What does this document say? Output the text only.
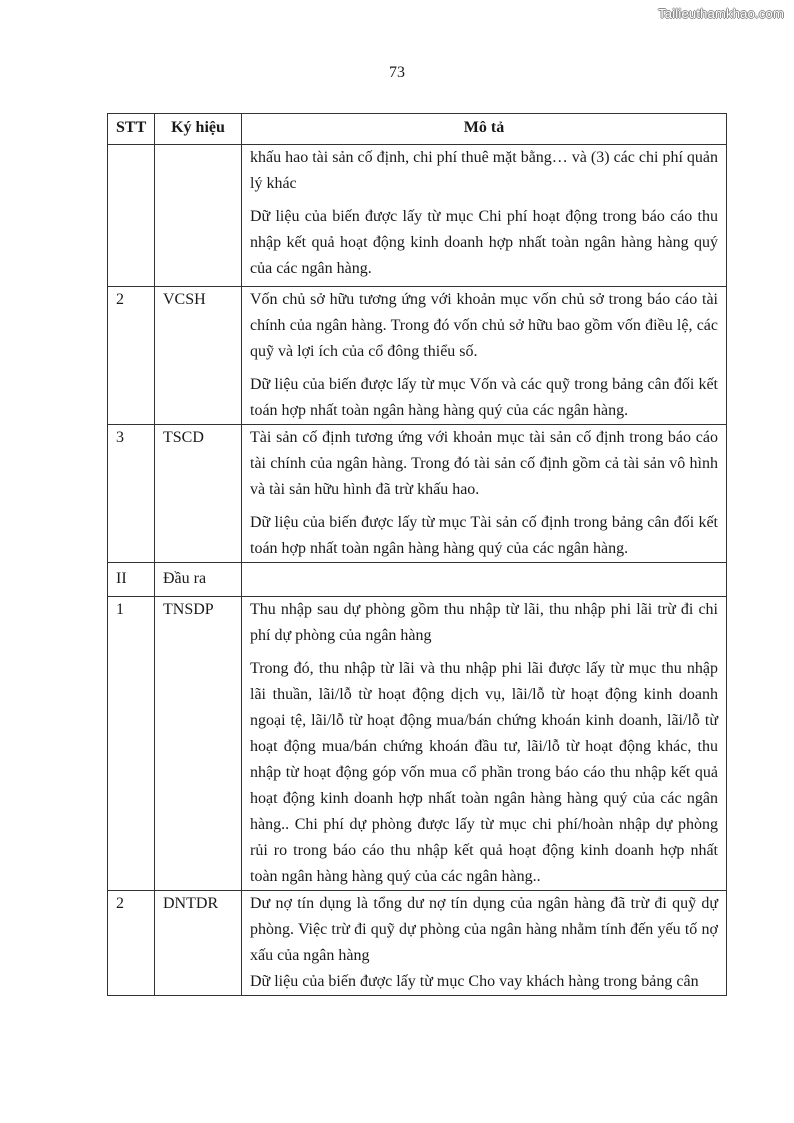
Tailieuthamkhao.com
73
STT	Ký hiệu	Mô tả

		khấu hao tài sản cố định, chi phí thuê mặt bằng… và (3) các chi phí quản lý khác

Dữ liệu của biến được lấy từ mục Chi phí hoạt động trong báo cáo thu nhập kết quả hoạt động kinh doanh hợp nhất toàn ngân hàng hàng quý của các ngân hàng.

2	VCSH	Vốn chủ sở hữu tương ứng với khoản mục vốn chủ sở trong báo cáo tài chính của ngân hàng. Trong đó vốn chủ sở hữu bao gồm vốn điều lệ, các quỹ và lợi ích của cổ đông thiểu số.

Dữ liệu của biến được lấy từ mục Vốn và các quỹ trong bảng cân đối kết toán hợp nhất toàn ngân hàng hàng quý của các ngân hàng.

3	TSCD	Tài sản cố định tương ứng với khoản mục tài sản cố định trong báo cáo tài chính của ngân hàng. Trong đó tài sản cố định gồm cả tài sản vô hình và tài sản hữu hình đã trừ khấu hao.

Dữ liệu của biến được lấy từ mục Tài sản cố định trong bảng cân đối kết toán hợp nhất toàn ngân hàng hàng quý của các ngân hàng.

II	Đầu ra	
1	TNSDP	Thu nhập sau dự phòng gồm thu nhập từ lãi, thu nhập phi lãi trừ đi chi phí dự phòng của ngân hàng

Trong đó, thu nhập từ lãi và thu nhập phi lãi được lấy từ mục thu nhập lãi thuần, lãi/lỗ từ hoạt động dịch vụ, lãi/lỗ từ hoạt động kinh doanh ngoại tệ, lãi/lỗ từ hoạt động mua/bán chứng khoán kinh doanh, lãi/lỗ từ hoạt động mua/bán chứng khoán đầu tư, lãi/lỗ từ hoạt động khác, thu nhập từ hoạt động góp vốn mua cổ phần trong báo cáo thu nhập kết quả hoạt động kinh doanh hợp nhất toàn ngân hàng hàng quý của các ngân hàng.. Chi phí dự phòng được lấy từ mục chi phí/hoàn nhập dự phòng rủi ro trong báo cáo thu nhập kết quả hoạt động kinh doanh hợp nhất toàn ngân hàng hàng quý của các ngân hàng..

2	DNTDR	Dư nợ tín dụng là tổng dư nợ tín dụng của ngân hàng đã trừ đi quỹ dự phòng. Việc trừ đi quỹ dự phòng của ngân hàng nhằm tính đến yếu tố nợ xấu của ngân hàng

Dữ liệu của biến được lấy từ mục Cho vay khách hàng trong bảng cân
